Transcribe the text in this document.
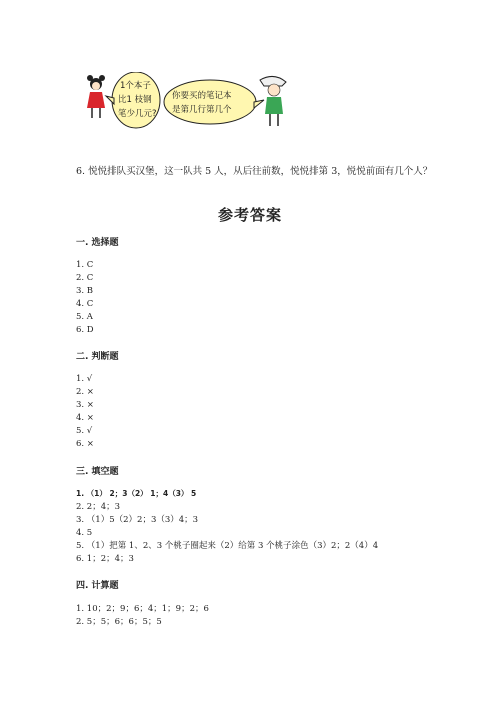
1个本子
比1 枝钢
笔少几元?
你要买的笔记本
是第几行第几个
6. 悦悦排队买汉堡，这一队共 5 人，从后往前数，悦悦排第 3，悦悦前面有几个人？
参考答案
一. 选择题
1. C
2. C
3. B
4. C
5. A
6. D
二. 判断题
1. √
2. ×
3. ×
4. ×
5. √
6. ×
三. 填空题
1. （1） 2；3（2） 1；4（3） 5
2. 2；4；3
3. （1）5（2）2；3（3）4；3
4. 5
5. （1）把第 1、2、3 个桃子圈起来（2）给第 3 个桃子涂色（3）2；2（4）4
6. 1；2；4；3
四. 计算题
1. 10；2；9；6；4；1；9；2；6
2. 5；5；6；6；5；5
